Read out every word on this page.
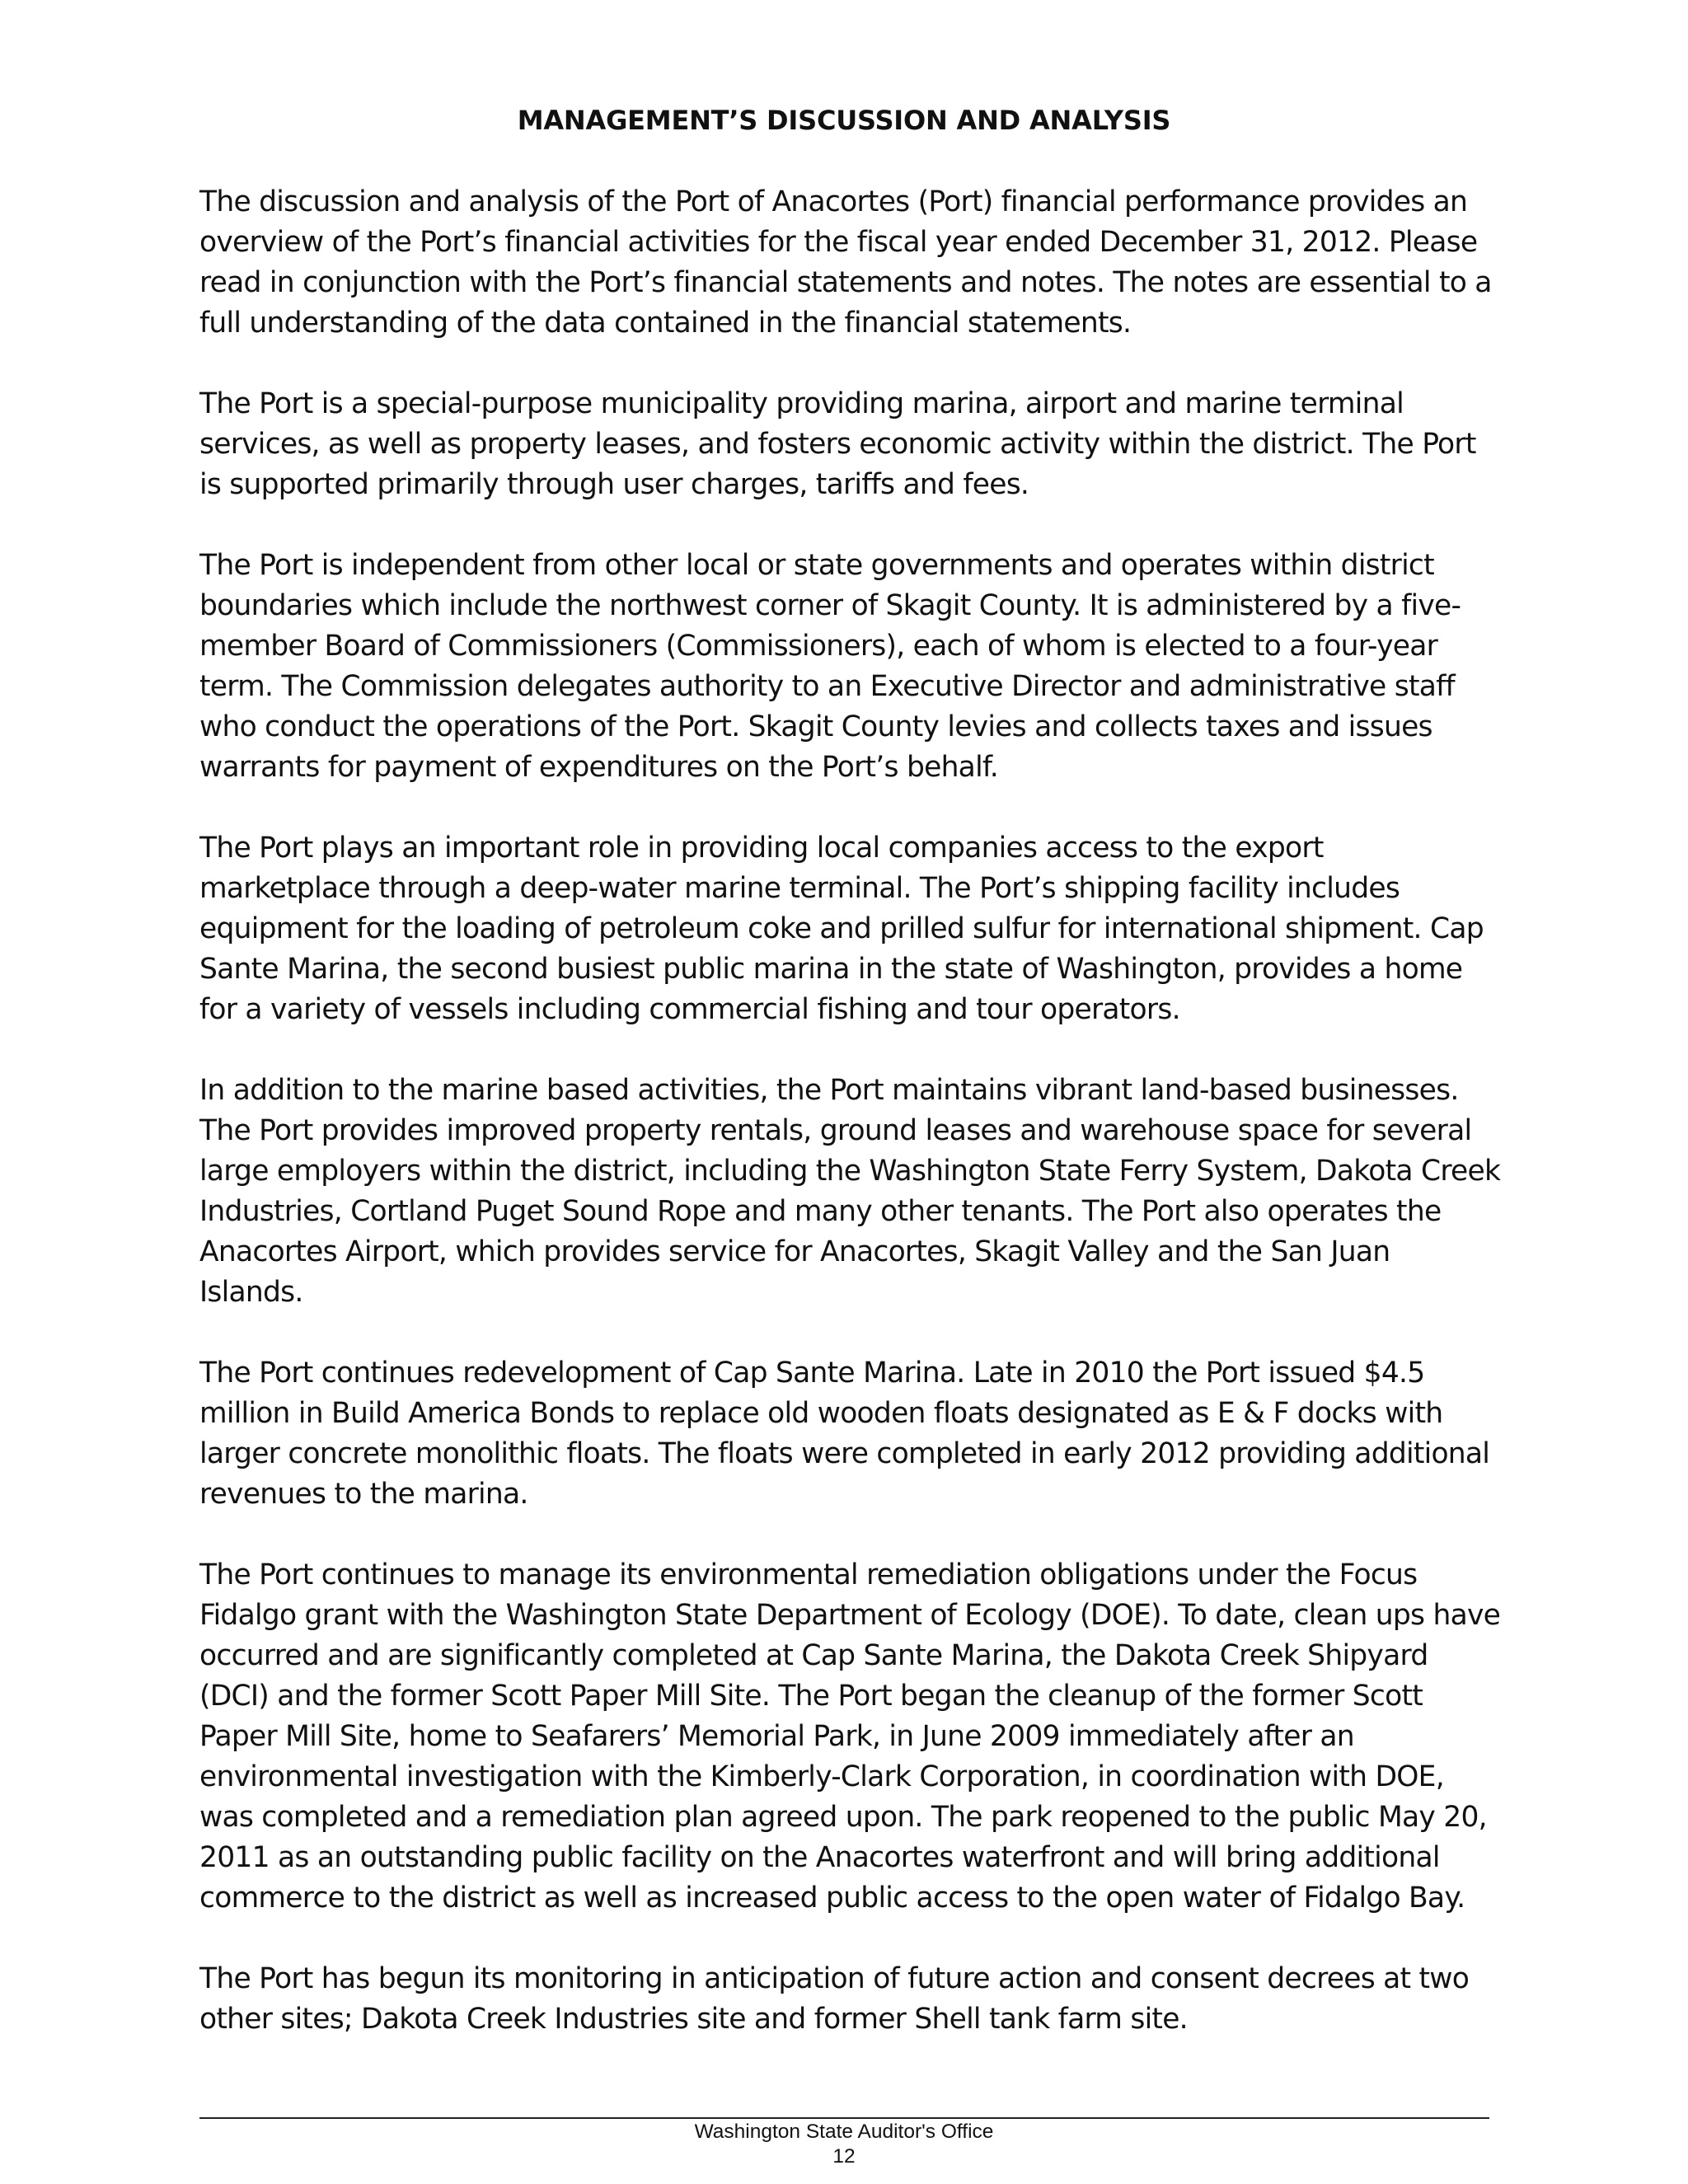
MANAGEMENT’S DISCUSSION AND ANALYSIS

The discussion and analysis of the Port of Anacortes (Port) financial performance provides an overview of the Port’s financial activities for the fiscal year ended December 31, 2012. Please read in conjunction with the Port’s financial statements and notes. The notes are essential to a full understanding of the data contained in the financial statements.

The Port is a special-purpose municipality providing marina, airport and marine terminal services, as well as property leases, and fosters economic activity within the district. The Port is supported primarily through user charges, tariffs and fees.

The Port is independent from other local or state governments and operates within district boundaries which include the northwest corner of Skagit County. It is administered by a five-member Board of Commissioners (Commissioners), each of whom is elected to a four-year term. The Commission delegates authority to an Executive Director and administrative staff who conduct the operations of the Port. Skagit County levies and collects taxes and issues warrants for payment of expenditures on the Port’s behalf.

The Port plays an important role in providing local companies access to the export marketplace through a deep-water marine terminal. The Port’s shipping facility includes equipment for the loading of petroleum coke and prilled sulfur for international shipment. Cap Sante Marina, the second busiest public marina in the state of Washington, provides a home for a variety of vessels including commercial fishing and tour operators.

In addition to the marine based activities, the Port maintains vibrant land-based businesses. The Port provides improved property rentals, ground leases and warehouse space for several large employers within the district, including the Washington State Ferry System, Dakota Creek Industries, Cortland Puget Sound Rope and many other tenants. The Port also operates the Anacortes Airport, which provides service for Anacortes, Skagit Valley and the San Juan Islands.

The Port continues redevelopment of Cap Sante Marina. Late in 2010 the Port issued $4.5 million in Build America Bonds to replace old wooden floats designated as E & F docks with larger concrete monolithic floats. The floats were completed in early 2012 providing additional revenues to the marina.

The Port continues to manage its environmental remediation obligations under the Focus Fidalgo grant with the Washington State Department of Ecology (DOE). To date, clean ups have occurred and are significantly completed at Cap Sante Marina, the Dakota Creek Shipyard (DCI) and the former Scott Paper Mill Site. The Port began the cleanup of the former Scott Paper Mill Site, home to Seafarers’ Memorial Park, in June 2009 immediately after an environmental investigation with the Kimberly-Clark Corporation, in coordination with DOE, was completed and a remediation plan agreed upon. The park reopened to the public May 20, 2011 as an outstanding public facility on the Anacortes waterfront and will bring additional commerce to the district as well as increased public access to the open water of Fidalgo Bay.

The Port has begun its monitoring in anticipation of future action and consent decrees at two other sites; Dakota Creek Industries site and former Shell tank farm site.

Washington State Auditor's Office
12
